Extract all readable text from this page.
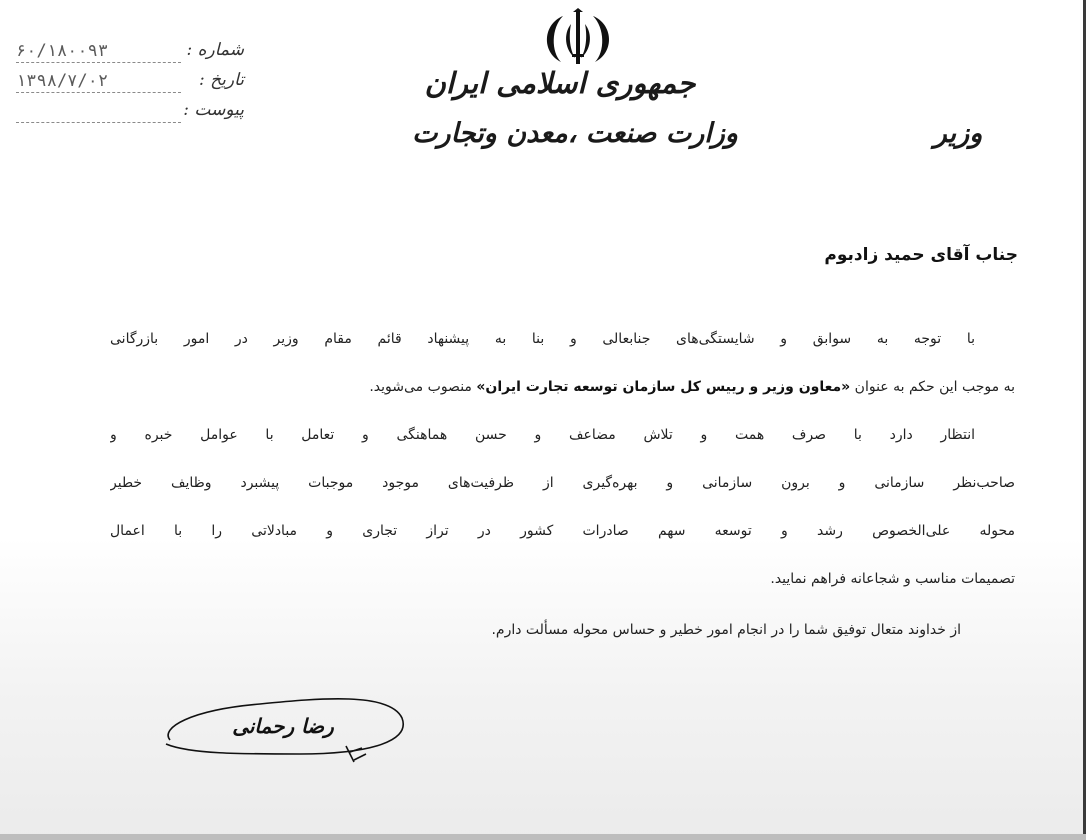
شماره :
۶۰/۱۸۰۰۹۳
تاریخ :
۱۳۹۸/۷/۰۲
پیوست :
جمهوری اسلامی ایران
وزارت صنعت ،معدن وتجارت	وزیر
جناب آقای حمید زادبوم
با توجه به سوابق و شایستگی‌های جنابعالی و بنا به پیشنهاد قائم مقام وزیر در امور بازرگانی
به موجب این حکم به عنوان «معاون وزیر و رییس کل سازمان توسعه تجارت ایران» منصوب می‌شوید.
انتظار دارد با صرف همت و تلاش مضاعف و حسن هماهنگی و تعامل با عوامل خبره و
صاحب‌نظر سازمانی و برون سازمانی و بهره‌گیری از ظرفیت‌های موجود موجبات پیشبرد وظایف خطیر
محوله علی‌الخصوص رشد و توسعه سهم صادرات کشور در تراز تجاری و مبادلاتی را با اعمال
تصمیمات مناسب و شجاعانه فراهم نمایید.
از خداوند متعال توفیق شما را در انجام امور خطیر و حساس محوله مسألت دارم.
رضا رحمانی
